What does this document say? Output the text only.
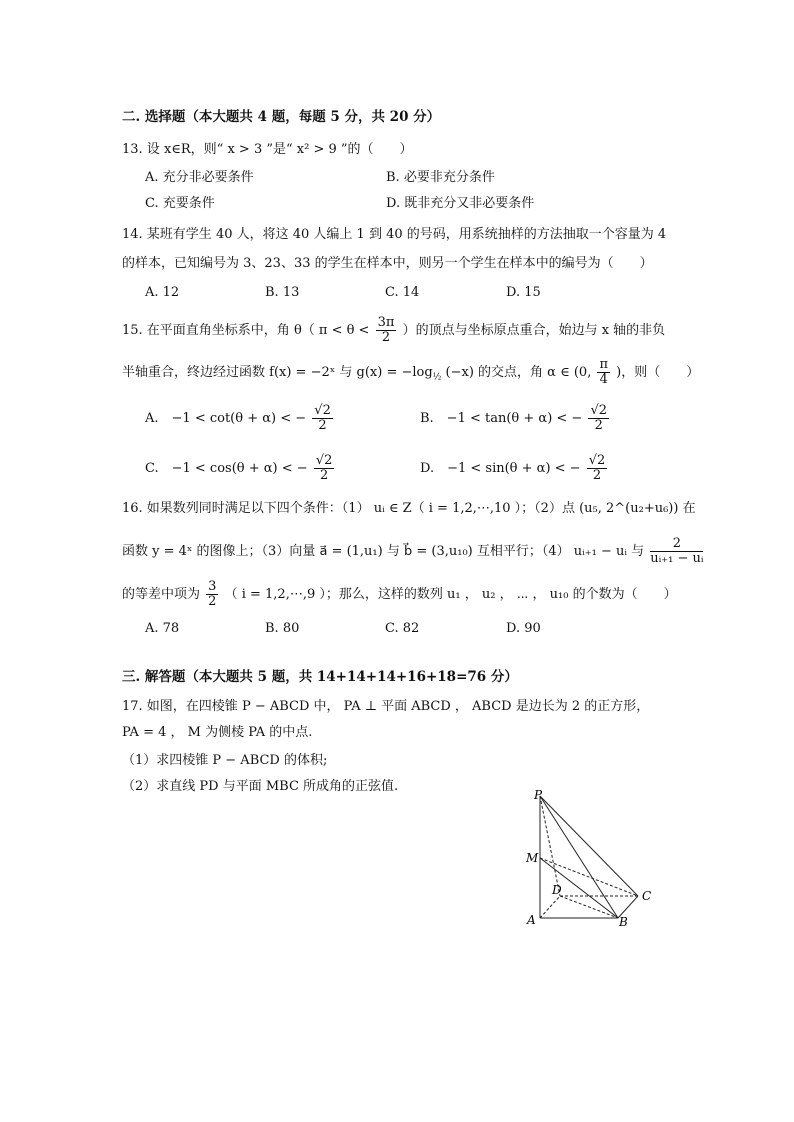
二. 选择题（本大题共 4 题，每题 5 分，共 20 分）
13. 设 x∈R，则“ x > 3 ”是“ x² > 9 ”的（　　）
A. 充分非必要条件	B. 必要非充分条件
C. 充要条件	D. 既非充分又非必要条件
14. 某班有学生 40 人，将这 40 人编上 1 到 40 的号码，用系统抽样的方法抽取一个容量为 4
的样本，已知编号为 3、23、33 的学生在样本中，则另一个学生在样本中的编号为（　　）
A. 12	B. 13	C. 14	D. 15
15. 在平面直角坐标系中，角 θ（ $\pi < \theta < \frac{3\pi}{2}$ ）的顶点与坐标原点重合，始边与 x 轴的非负
半轴重合，终边经过函数 f(x) = −2ˣ 与 $g(x) = -\log_{\frac{1}{2}}$ (−x) 的交点，角 α ∈ (0, $\frac{\pi}{4}$ )，则（　　）
A.　−1 < cot(θ + α) < − $\frac{√2}{2}$	B.　−1 < tan(θ + α) < − $\frac{√2}{2}$
C.　−1 < cos(θ + α) < − $\frac{√2}{2}$	D.　−1 < sin(θ + α) < − $\frac{√2}{2}$
16. 如果数列同时满足以下四个条件：（1） uᵢ ∈ Z（ i = 1,2,⋯,10 ）；（2）点 (u₅, 2^(u₂+u₆)) 在
函数 y = 4ˣ 的图像上；（3）向量 a⃗ = (1,u₁) 与 b⃗ = (3,u₁₀) 互相平行；（4） uᵢ₊₁ − uᵢ 与 $\frac{2}{\text{uᵢ₊₁ − uᵢ}}$
的等差中项为 $\frac{3}{2}$ （ i = 1,2,⋯,9 ）；那么，这样的数列 u₁ ， u₂ ， ⋯ ， u₁₀ 的个数为（　　）
A. 78	B. 80	C. 82	D. 90
三. 解答题（本大题共 5 题，共 14+14+14+16+18=76 分）
17. 如图，在四棱锥 P − ABCD 中， PA ⊥ 平面 ABCD ， ABCD 是边长为 2 的正方形，
PA = 4 ， M 为侧棱 PA 的中点.
（1）求四棱锥 P − ABCD 的体积;
（2）求直线 PD 与平面 MBC 所成角的正弦值.
P
M
D	C
A	B
